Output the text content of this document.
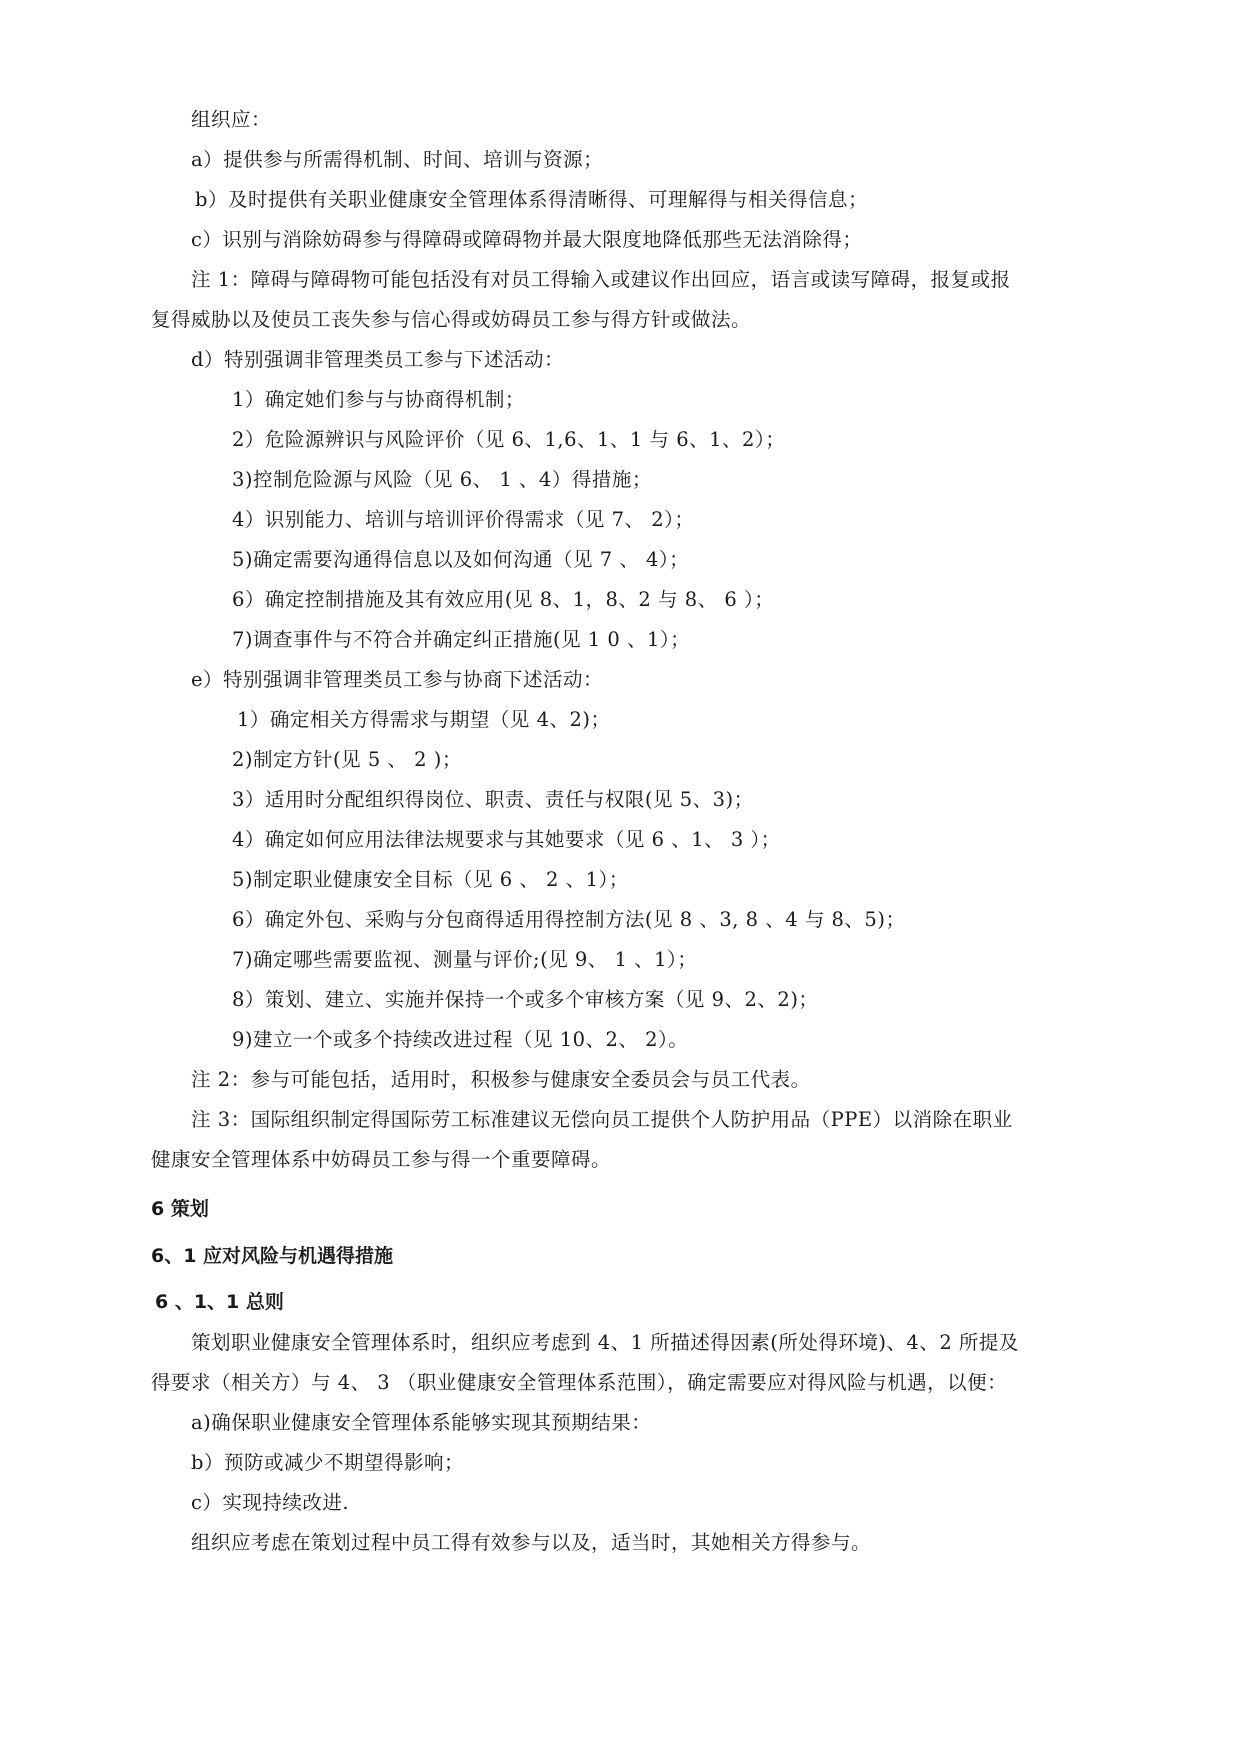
组织应：
a）提供参与所需得机制、时间、培训与资源；
b）及时提供有关职业健康安全管理体系得清晰得、可理解得与相关得信息；
c）识别与消除妨碍参与得障碍或障碍物并最大限度地降低那些无法消除得；
注 1：障碍与障碍物可能包括没有对员工得输入或建议作出回应，语言或读写障碍，报复或报
复得威胁以及使员工丧失参与信心得或妨碍员工参与得方针或做法。
d）特别强调非管理类员工参与下述活动：
1）确定她们参与与协商得机制；
2）危险源辨识与风险评价（见 6、1,6、1、1 与 6、1、2）；
3)控制危险源与风险（见 6、 1 、4）得措施；
4）识别能力、培训与培训评价得需求（见 7、 2）；
5)确定需要沟通得信息以及如何沟通（见 7 、 4）；
6）确定控制措施及其有效应用(见 8、1，8、2 与 8、 6 ）；
7)调查事件与不符合并确定纠正措施(见 1 0 、1）；
e）特别强调非管理类员工参与协商下述活动：
1）确定相关方得需求与期望（见 4、2)；
2)制定方针(见 5 、 2 )；
3）适用时分配组织得岗位、职责、责任与权限(见 5、3)；
4）确定如何应用法律法规要求与其她要求（见 6 、1、 3 ）；
5)制定职业健康安全目标（见 6 、 2 、1）；
6）确定外包、采购与分包商得适用得控制方法(见 8 、3, 8 、4 与 8、5)；
7)确定哪些需要监视、测量与评价;(见 9、 1 、1）；
8）策划、建立、实施并保持一个或多个审核方案（见 9、2、2)；
9)建立一个或多个持续改进过程（见 10、2、 2）。
注 2：参与可能包括，适用时，积极参与健康安全委员会与员工代表。
注 3：国际组织制定得国际劳工标准建议无偿向员工提供个人防护用品（PPE）以消除在职业
健康安全管理体系中妨碍员工参与得一个重要障碍。
6 策划
6、1 应对风险与机遇得措施
6 、1、1 总则
策划职业健康安全管理体系时，组织应考虑到 4、1 所描述得因素(所处得环境)、4、2 所提及
得要求（相关方）与 4、 3 （职业健康安全管理体系范围），确定需要应对得风险与机遇，以便：
a)确保职业健康安全管理体系能够实现其预期结果：
b）预防或减少不期望得影响；
c）实现持续改进.
组织应考虑在策划过程中员工得有效参与以及，适当时，其她相关方得参与。
